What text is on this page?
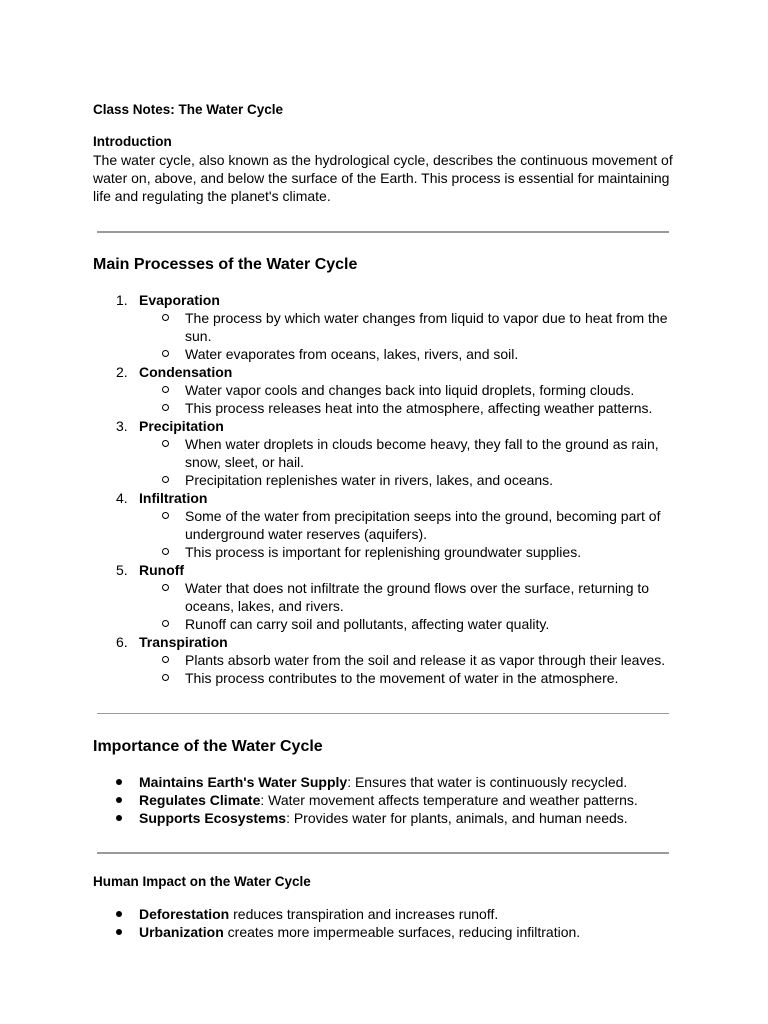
Class Notes: The Water Cycle

Introduction

The water cycle, also known as the hydrological cycle, describes the continuous movement of water on, above, and below the surface of the Earth. This process is essential for maintaining life and regulating the planet's climate.

Main Processes of the Water Cycle
1. Evaporation
The process by which water changes from liquid to vapor due to heat from the sun.
Water evaporates from oceans, lakes, rivers, and soil.
2. Condensation
Water vapor cools and changes back into liquid droplets, forming clouds.
This process releases heat into the atmosphere, affecting weather patterns.
3. Precipitation
When water droplets in clouds become heavy, they fall to the ground as rain, snow, sleet, or hail.
Precipitation replenishes water in rivers, lakes, and oceans.
4. Infiltration
Some of the water from precipitation seeps into the ground, becoming part of underground water reserves (aquifers).
This process is important for replenishing groundwater supplies.
5. Runoff
Water that does not infiltrate the ground flows over the surface, returning to oceans, lakes, and rivers.
Runoff can carry soil and pollutants, affecting water quality.
6. Transpiration
Plants absorb water from the soil and release it as vapor through their leaves.
This process contributes to the movement of water in the atmosphere.
Importance of the Water Cycle
Maintains Earth's Water Supply: Ensures that water is continuously recycled.
Regulates Climate: Water movement affects temperature and weather patterns.
Supports Ecosystems: Provides water for plants, animals, and human needs.
Human Impact on the Water Cycle
Deforestation reduces transpiration and increases runoff.
Urbanization creates more impermeable surfaces, reducing infiltration.
